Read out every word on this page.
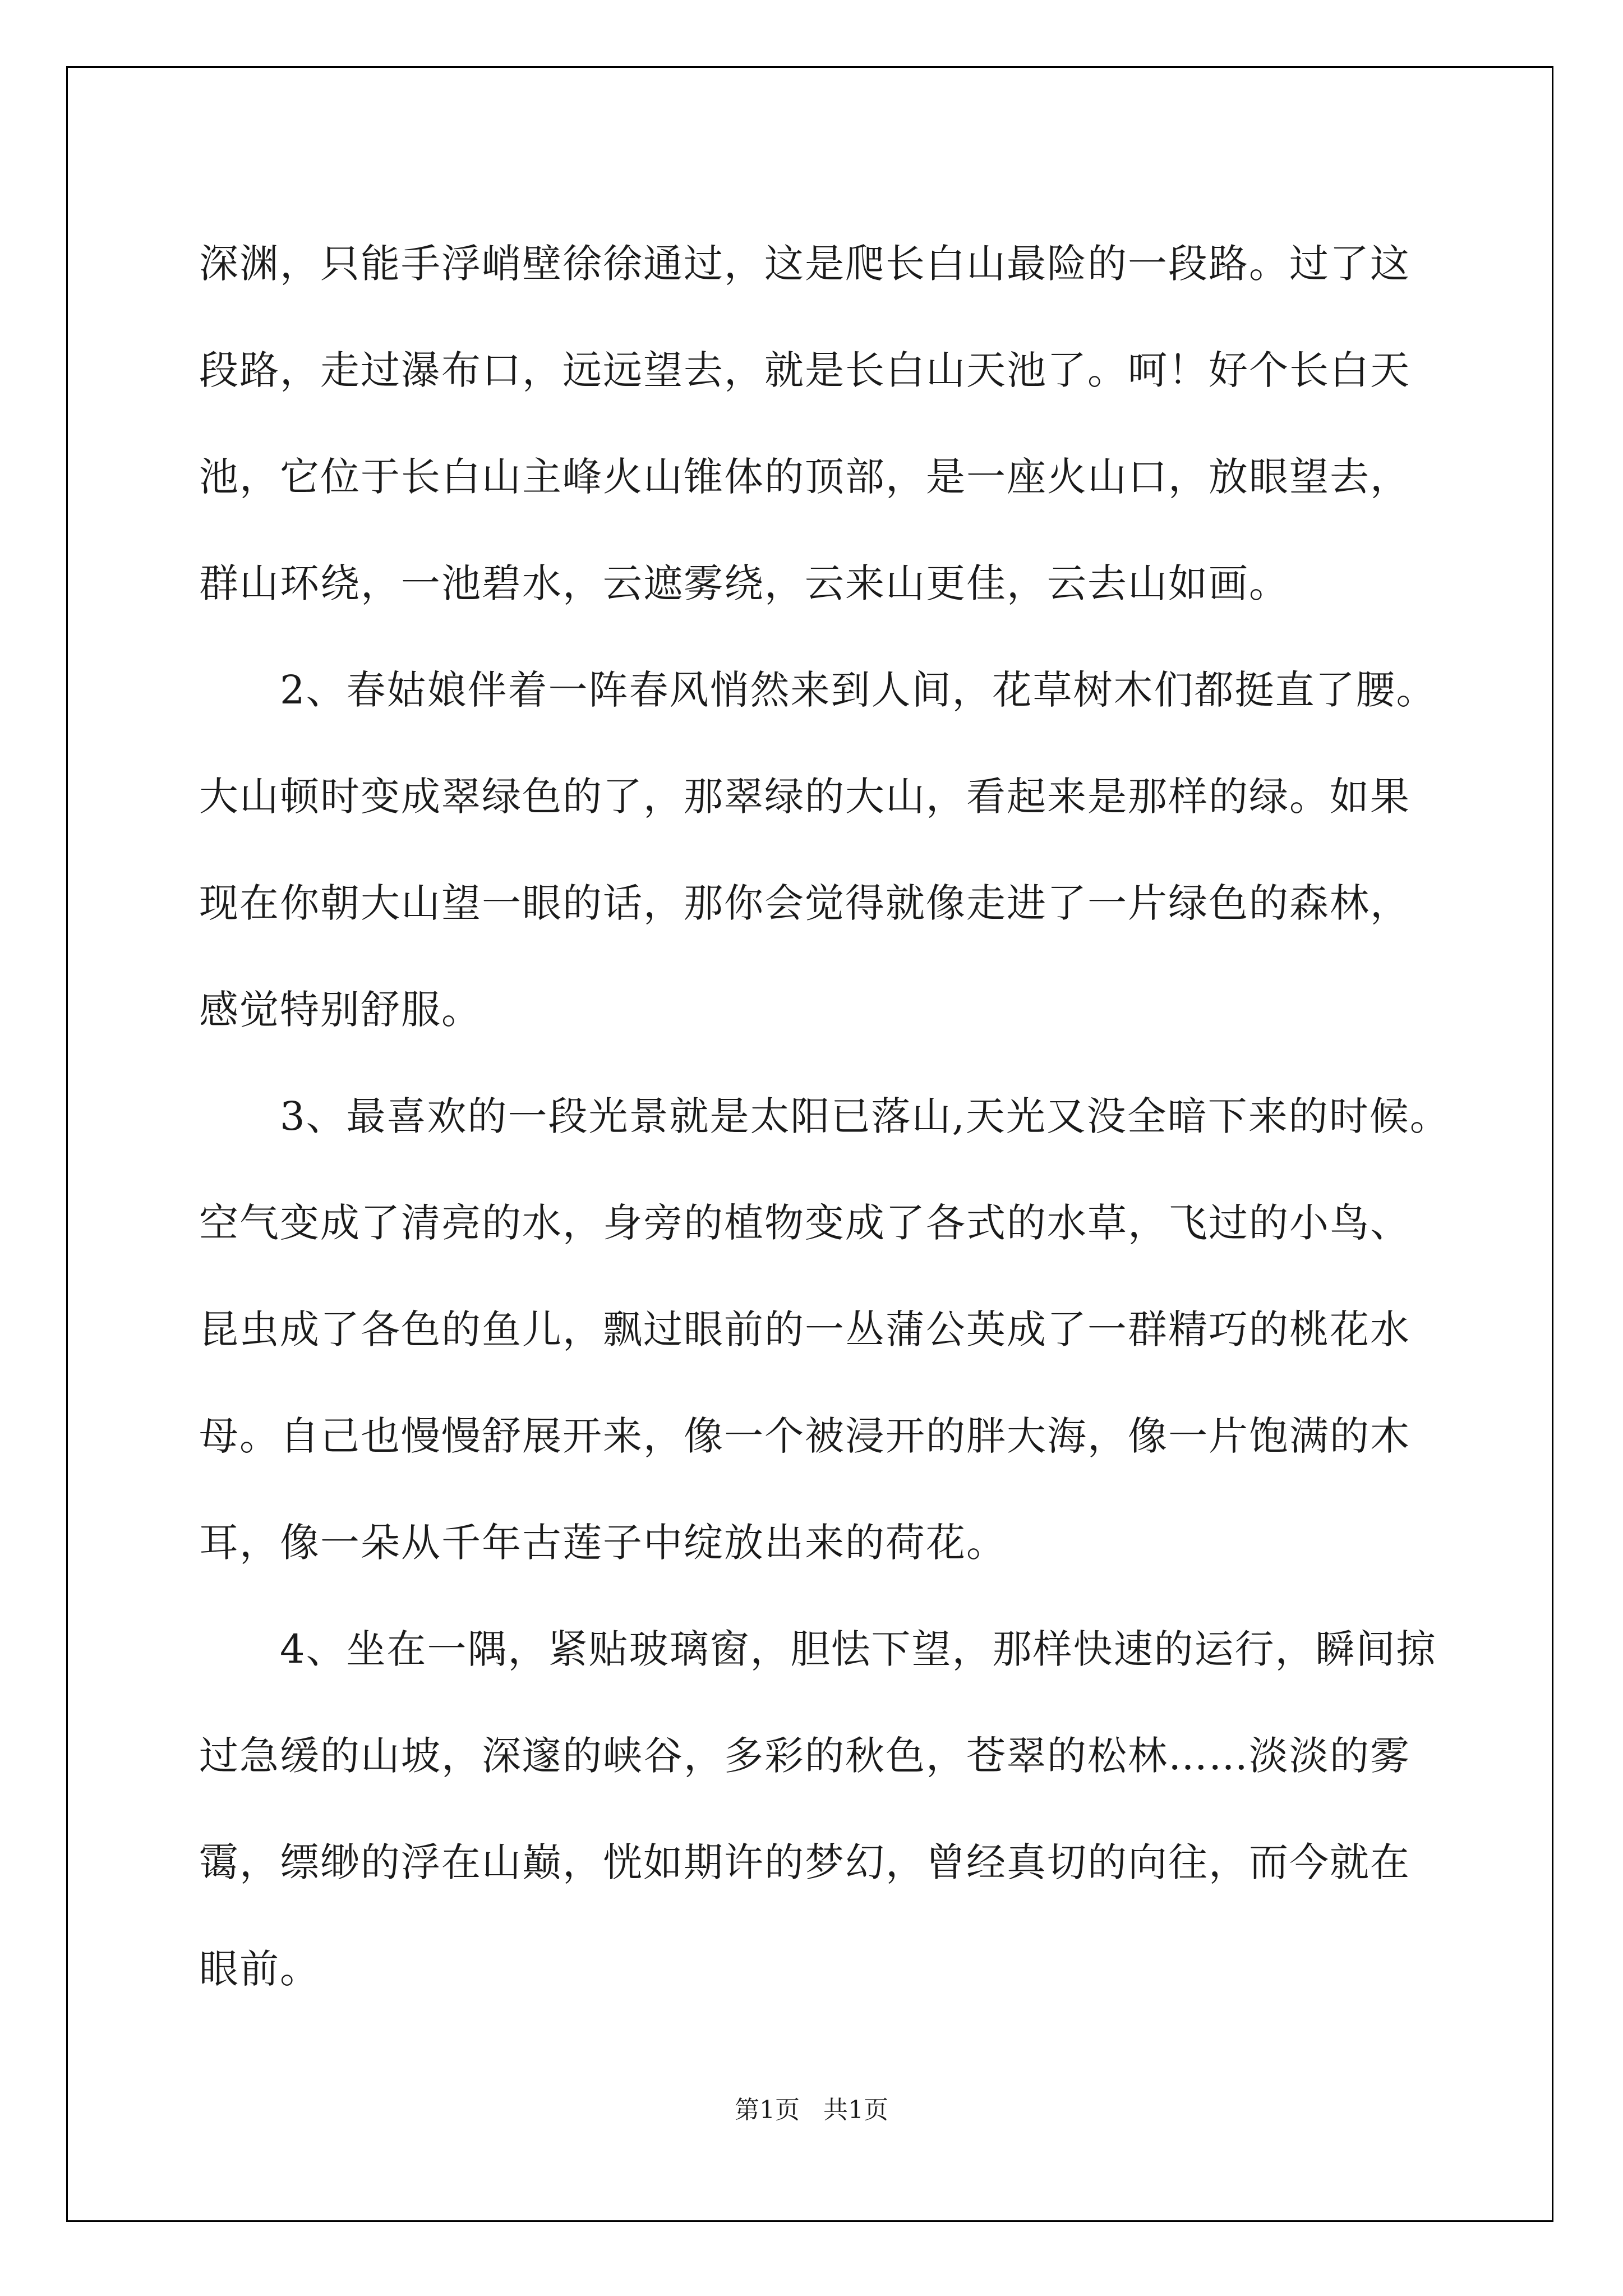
深渊，只能手浮峭壁徐徐通过，这是爬长白山最险的一段路。过了这
段路，走过瀑布口，远远望去，就是长白山天池了。呵！好个长白天
池，它位于长白山主峰火山锥体的顶部，是一座火山口，放眼望去，
群山环绕，一池碧水，云遮雾绕，云来山更佳，云去山如画。
　　2、春姑娘伴着一阵春风悄然来到人间，花草树木们都挺直了腰。
大山顿时变成翠绿色的了，那翠绿的大山，看起来是那样的绿。如果
现在你朝大山望一眼的话，那你会觉得就像走进了一片绿色的森林，
感觉特别舒服。
　　3、最喜欢的一段光景就是太阳已落山,天光又没全暗下来的时候。
空气变成了清亮的水，身旁的植物变成了各式的水草，飞过的小鸟、
昆虫成了各色的鱼儿，飘过眼前的一丛蒲公英成了一群精巧的桃花水
母。自己也慢慢舒展开来，像一个被浸开的胖大海，像一片饱满的木
耳，像一朵从千年古莲子中绽放出来的荷花。
　　4、坐在一隅，紧贴玻璃窗，胆怯下望，那样快速的运行，瞬间掠
过急缓的山坡，深邃的峡谷，多彩的秋色，苍翠的松林……淡淡的雾
霭，缥缈的浮在山巅，恍如期许的梦幻，曾经真切的向往，而今就在
眼前。
第1页 共1页
